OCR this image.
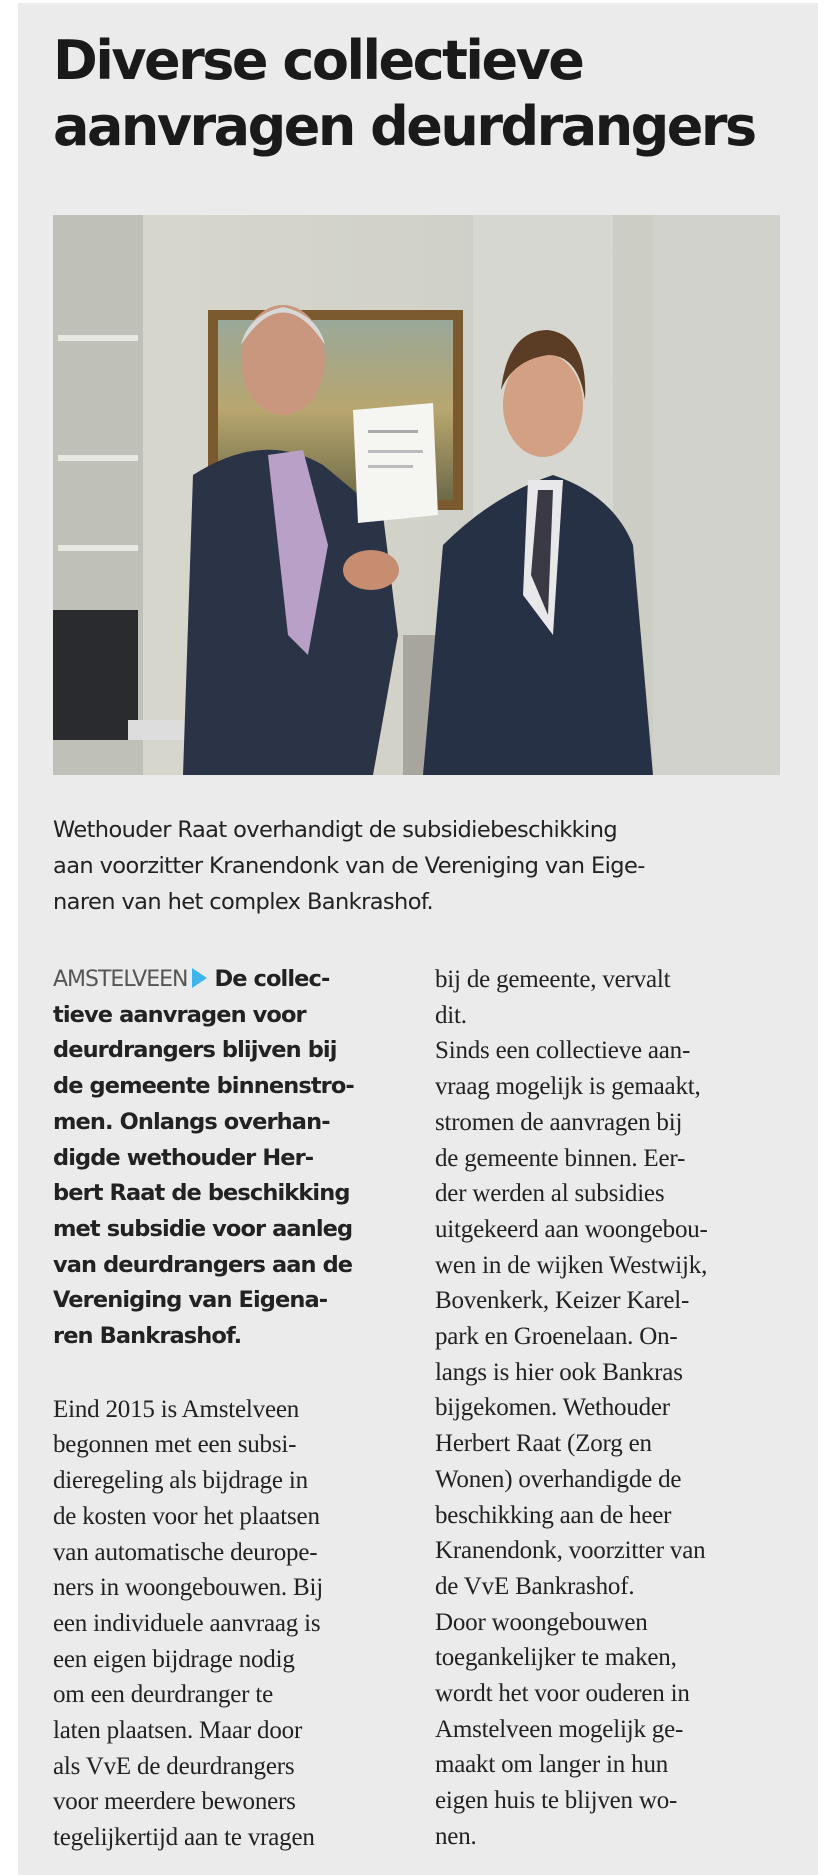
Diverse collectieve
aanvragen deurdrangers
Wethouder Raat overhandigt de subsidiebeschikking
aan voorzitter Kranendonk van de Vereniging van Eige-
naren van het complex Bankrashof.
AMSTELVEEN De collec-
tieve aanvragen voor
deurdrangers blijven bij
de gemeente binnenstro-
men. Onlangs overhan-
digde wethouder Her-
bert Raat de beschikking
met subsidie voor aanleg
van deurdrangers aan de
Vereniging van Eigena-
ren Bankrashof.
Eind 2015 is Amstelveen
begonnen met een subsi-
dieregeling als bijdrage in
de kosten voor het plaatsen
van automatische deurope-
ners in woongebouwen. Bij
een individuele aanvraag is
een eigen bijdrage nodig
om een deurdranger te
laten plaatsen. Maar door
als VvE de deurdrangers
voor meerdere bewoners
tegelijkertijd aan te vragen
bij de gemeente, vervalt
dit.
Sinds een collectieve aan-
vraag mogelijk is gemaakt,
stromen de aanvragen bij
de gemeente binnen. Eer-
der werden al subsidies
uitgekeerd aan woongebou-
wen in de wijken Westwijk,
Bovenkerk, Keizer Karel-
park en Groenelaan. On-
langs is hier ook Bankras
bijgekomen. Wethouder
Herbert Raat (Zorg en
Wonen) overhandigde de
beschikking aan de heer
Kranendonk, voorzitter van
de VvE Bankrashof.
Door woongebouwen
toegankelijker te maken,
wordt het voor ouderen in
Amstelveen mogelijk ge-
maakt om langer in hun
eigen huis te blijven wo-
nen.
